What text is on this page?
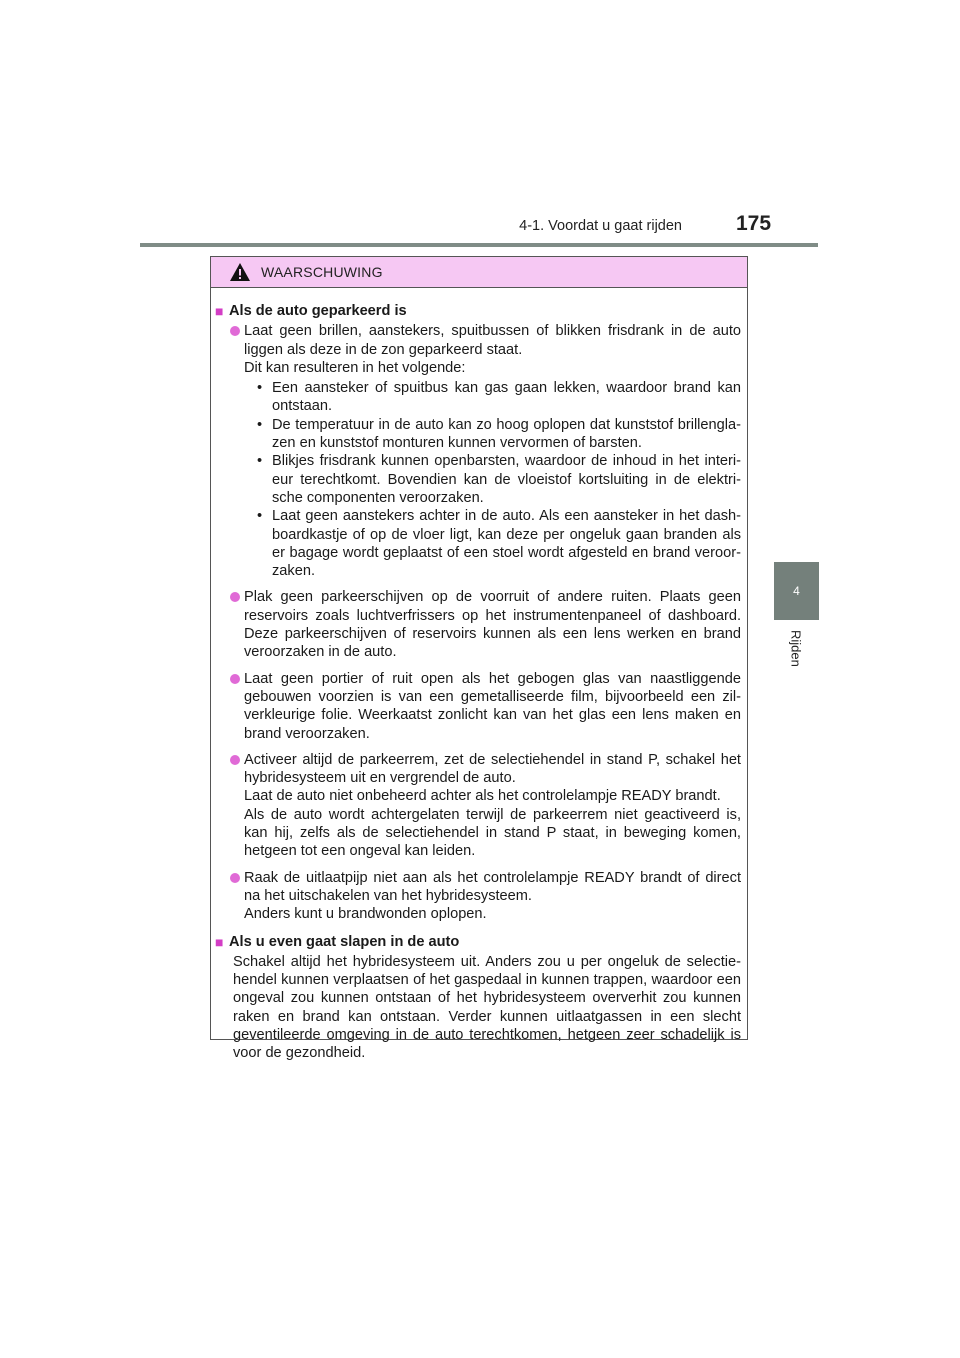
4-1. Voordat u gaat rijden	175
4
Rijden
WAARSCHUWING
■ Als de auto geparkeerd is
Laat geen brillen, aanstekers, spuitbussen of blikken frisdrank in de auto liggen als deze in de zon geparkeerd staat.
Dit kan resulteren in het volgende:
• Een aansteker of spuitbus kan gas gaan lekken, waardoor brand kan ontstaan.
• De temperatuur in de auto kan zo hoog oplopen dat kunststof brillengla-zen en kunststof monturen kunnen vervormen of barsten.
• Blikjes frisdrank kunnen openbarsten, waardoor de inhoud in het interi-eur terechtkomt. Bovendien kan de vloeistof kortsluiting in de elektri-sche componenten veroorzaken.
• Laat geen aanstekers achter in de auto. Als een aansteker in het dash-boardkastje of op de vloer ligt, kan deze per ongeluk gaan branden als er bagage wordt geplaatst of een stoel wordt afgesteld en brand veroor-zaken.
Plak geen parkeerschijven op de voorruit of andere ruiten. Plaats geen reservoirs zoals luchtverfrissers op het instrumentenpaneel of dashboard. Deze parkeerschijven of reservoirs kunnen als een lens werken en brand veroorzaken in de auto.
Laat geen portier of ruit open als het gebogen glas van naastliggende gebouwen voorzien is van een gemetalliseerde film, bijvoorbeeld een zil-verkleurige folie. Weerkaatst zonlicht kan van het glas een lens maken en brand veroorzaken.
Activeer altijd de parkeerrem, zet de selectiehendel in stand P, schakel het hybridesysteem uit en vergrendel de auto.
Laat de auto niet onbeheerd achter als het controlelampje READY brandt.
Als de auto wordt achtergelaten terwijl de parkeerrem niet geactiveerd is, kan hij, zelfs als de selectiehendel in stand P staat, in beweging komen, hetgeen tot een ongeval kan leiden.
Raak de uitlaatpijp niet aan als het controlelampje READY brandt of direct na het uitschakelen van het hybridesysteem.
Anders kunt u brandwonden oplopen.
■ Als u even gaat slapen in de auto
Schakel altijd het hybridesysteem uit. Anders zou u per ongeluk de selectie-hendel kunnen verplaatsen of het gaspedaal in kunnen trappen, waardoor een ongeval zou kunnen ontstaan of het hybridesysteem oververhit zou kunnen raken en brand kan ontstaan. Verder kunnen uitlaatgassen in een slecht geventileerde omgeving in de auto terechtkomen, hetgeen zeer schadelijk is voor de gezondheid.
